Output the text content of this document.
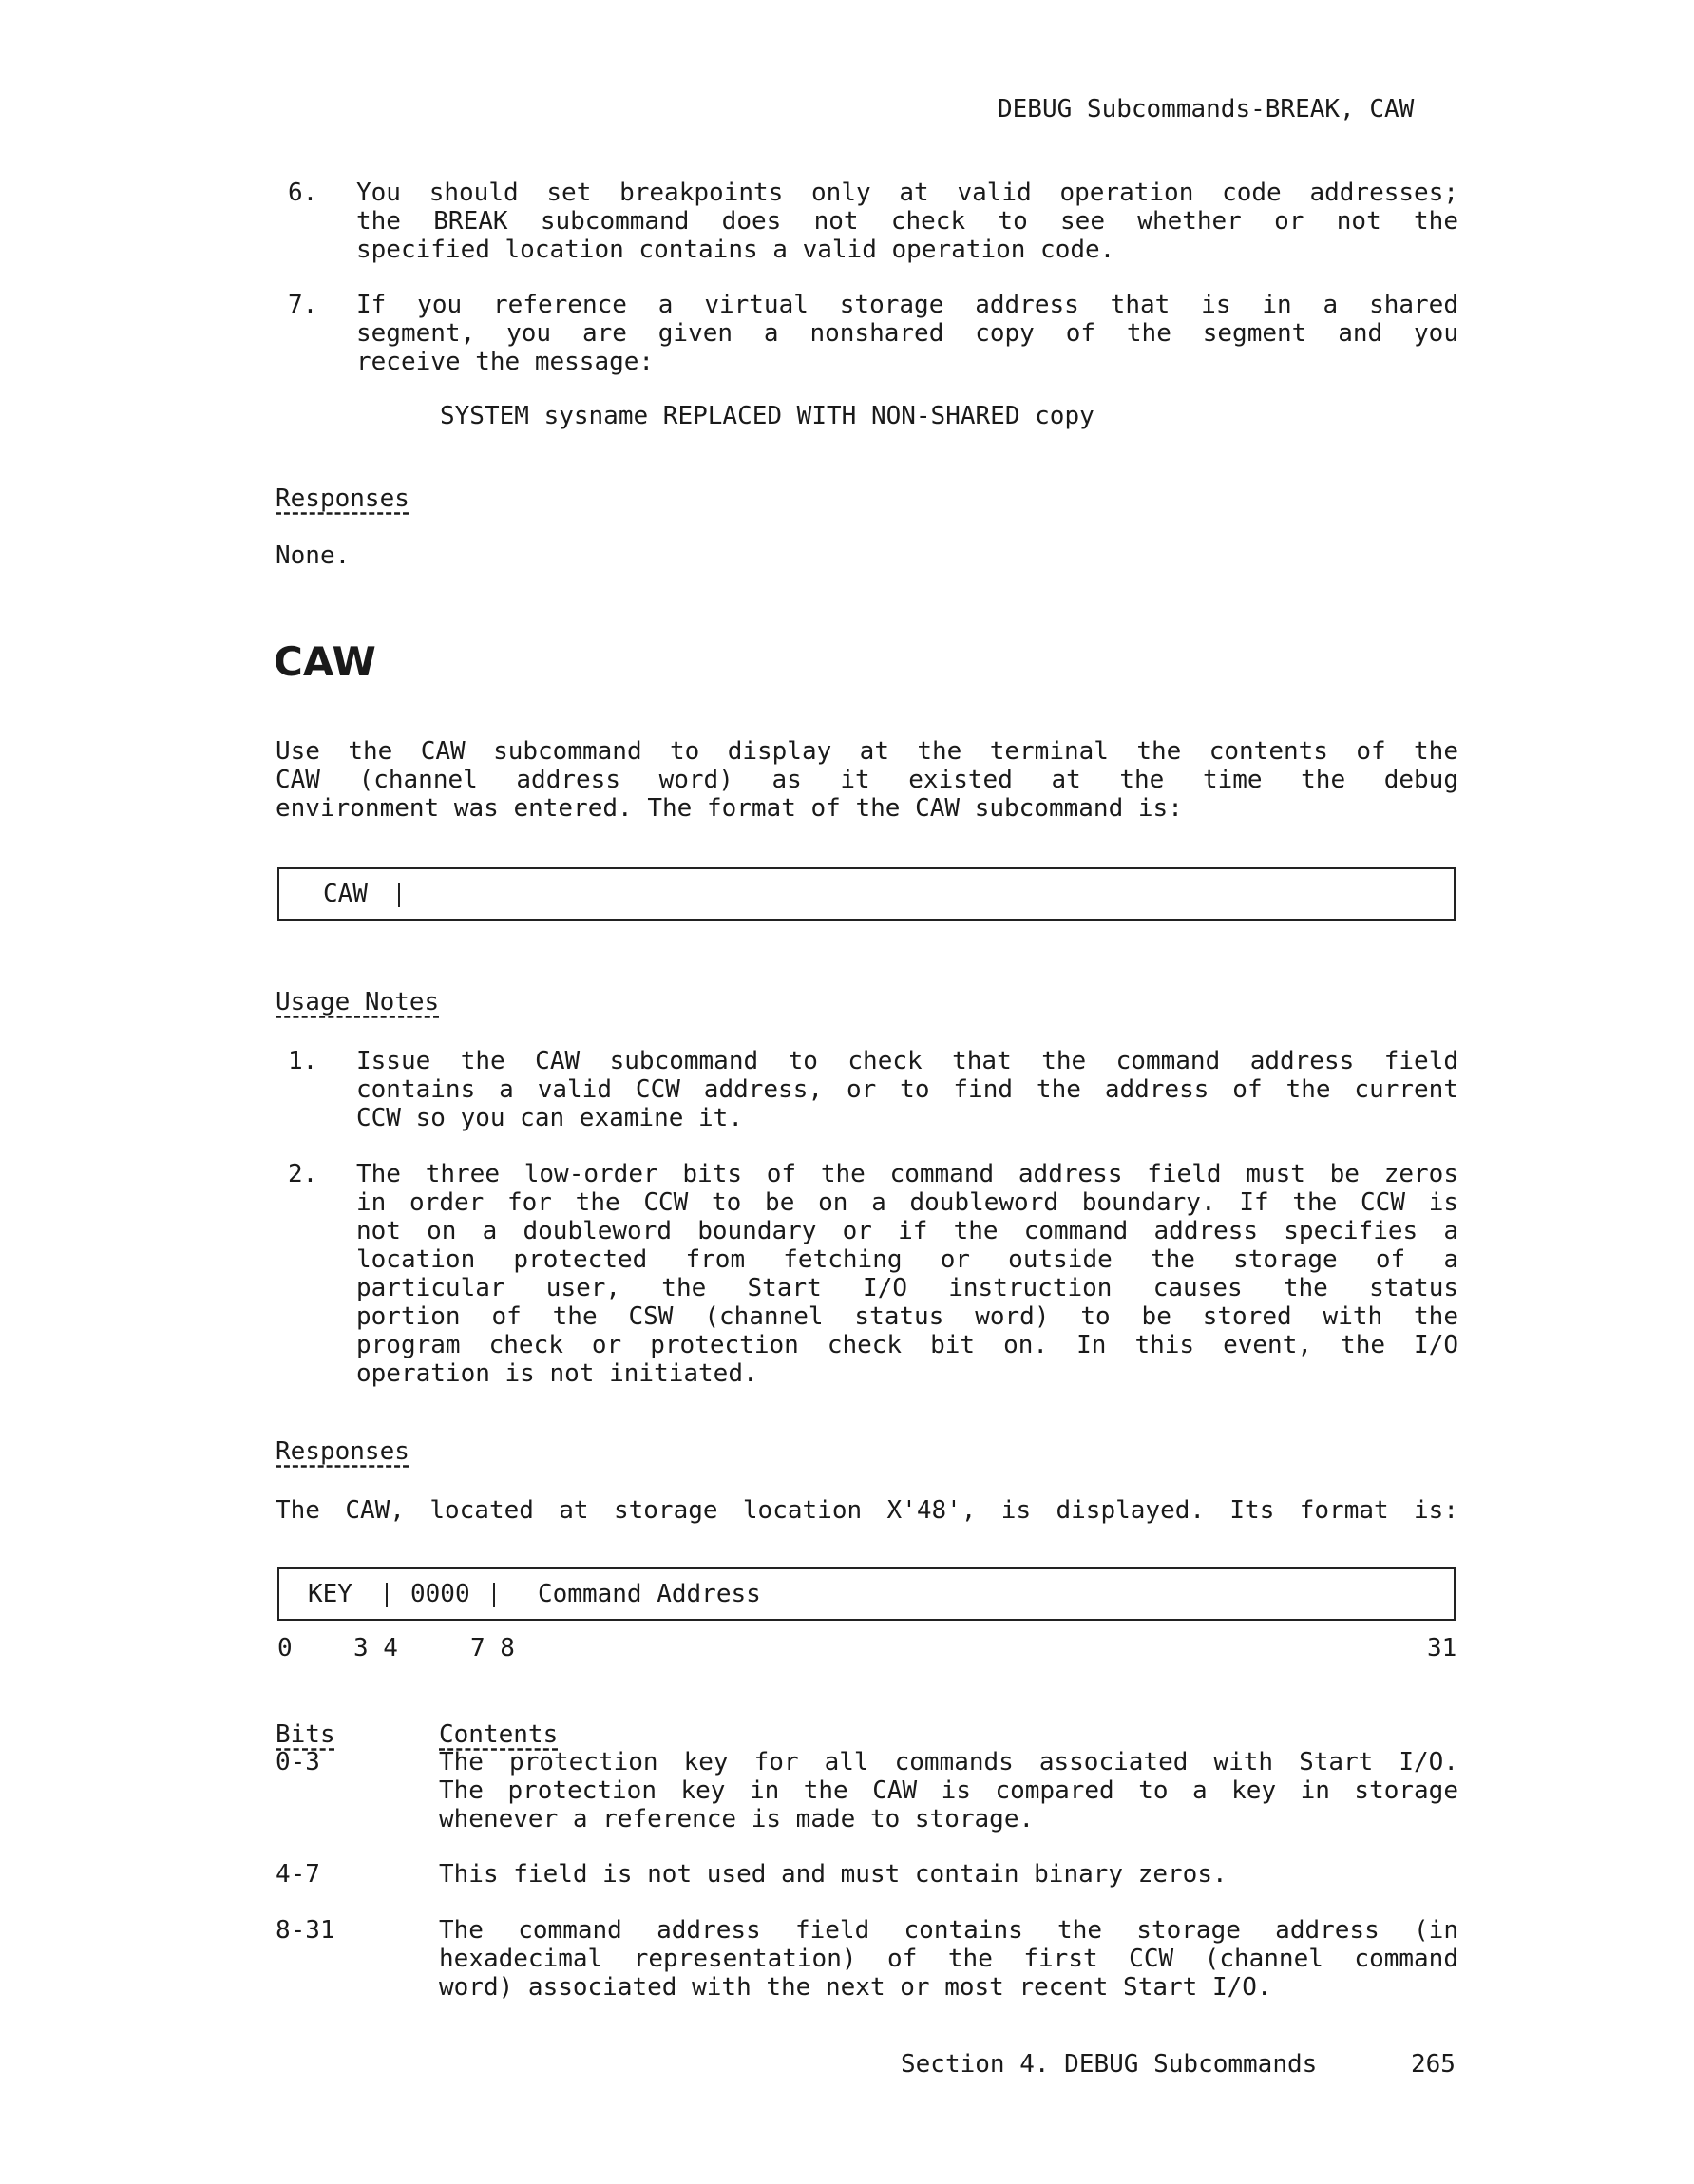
DEBUG Subcommands-BREAK, CAW
6. You should set breakpoints only at valid operation code addresses;
the BREAK subcommand does not check to see whether or not the
specified location contains a valid operation code.
7. If you reference a virtual storage address that is in a shared
segment, you are given a nonshared copy of the segment and you
receive the message:
SYSTEM sysname REPLACED WITH NON-SHARED copy
Responses
None.
CAW
Use the CAW subcommand to display at the terminal the contents of the
CAW (channel address word) as it existed at the time the debug
environment was entered. The format of the CAW subcommand is:
CAW
Usage Notes
1. Issue the CAW subcommand to check that the command address field
contains a valid CCW address, or to find the address of the current
CCW so you can examine it.
2. The three low-order bits of the command address field must be zeros
in order for the CCW to be on a doubleword boundary. If the CCW is
not on a doubleword boundary or if the command address specifies a
location protected from fetching or outside the storage of a
particular user, the Start I/O instruction causes the status
portion of the CSW (channel status word) to be stored with the
program check or protection check bit on. In this event, the I/O
operation is not initiated.
Responses
The CAW, located at storage location X'48', is displayed. Its format is:
KEY 0000	Command Address
0 3 4	7 8	31
Bits	Contents
0-3	The protection key for all commands associated with Start I/O.
The protection key in the CAW is compared to a key in storage
whenever a reference is made to storage.
4-7	This field is not used and must contain binary zeros.
8-31	The command address field contains the storage address (in
hexadecimal representation) of the first CCW (channel command
word) associated with the next or most recent Start I/O.
Section 4. DEBUG Subcommands	265
